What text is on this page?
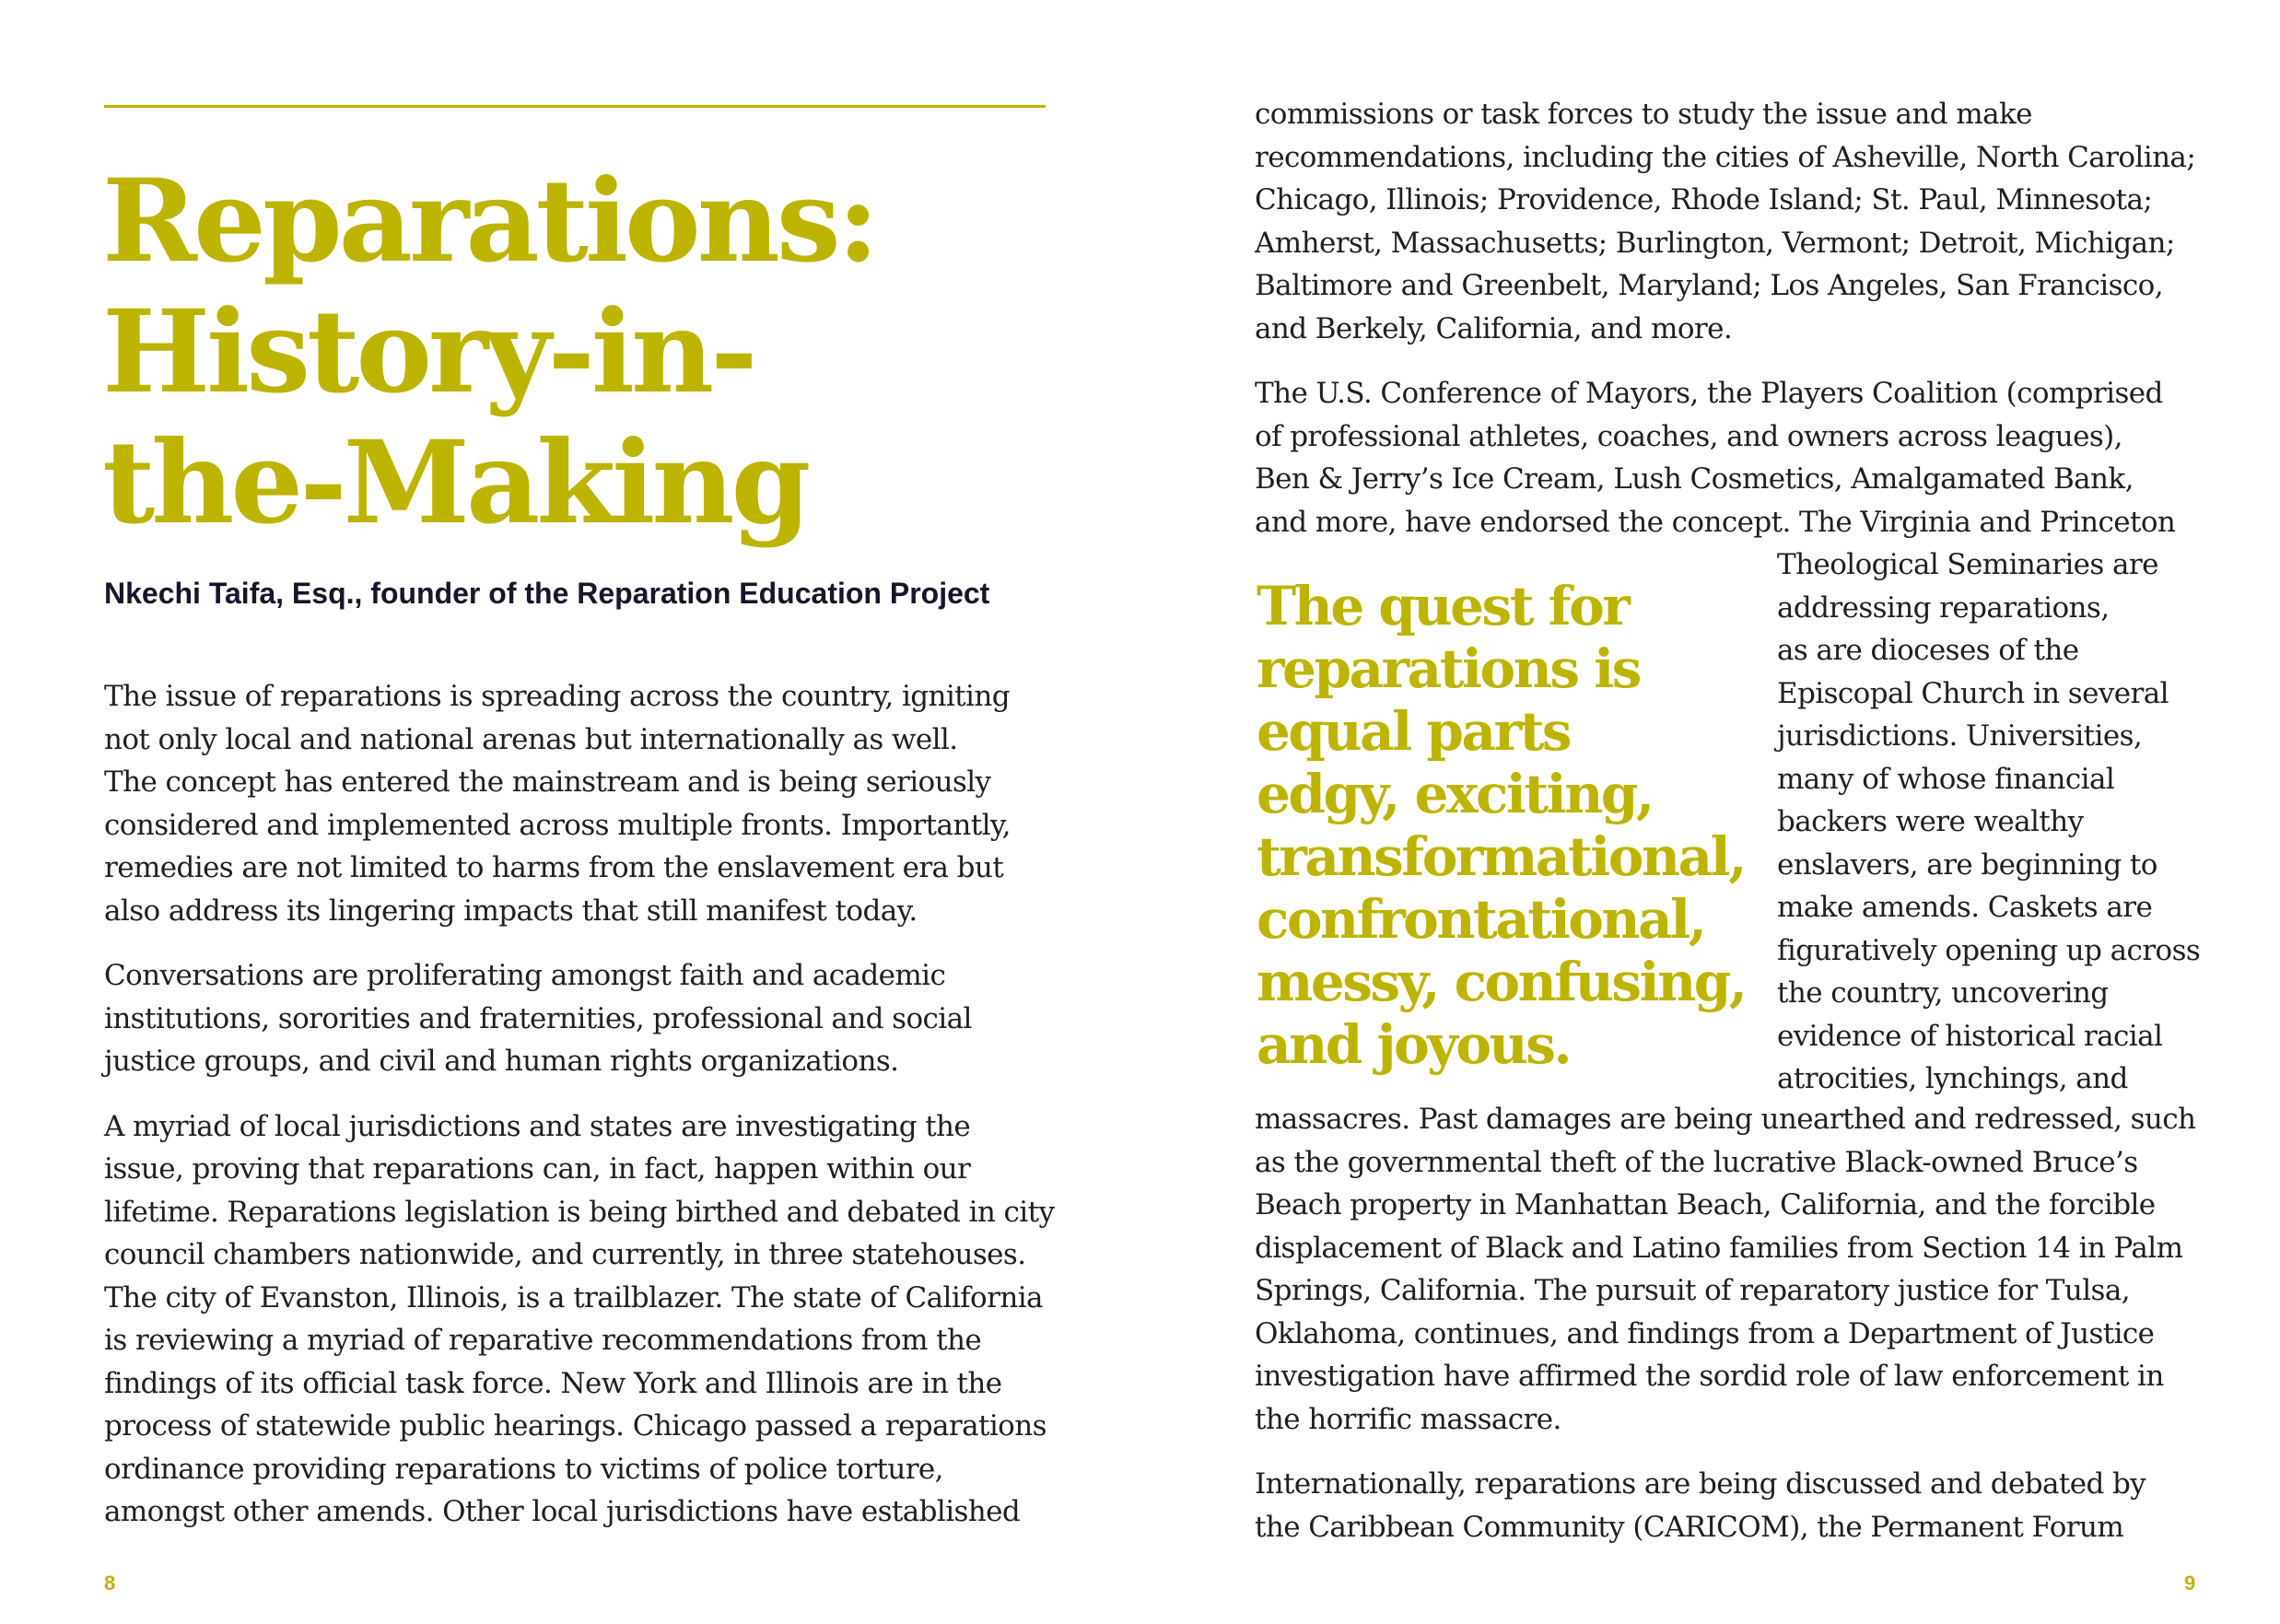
Reparations:
History-in-
the-Making

Nkechi Taifa, Esq., founder of the Reparation Education Project

The issue of reparations is spreading across the country, igniting
not only local and national arenas but internationally as well.
The concept has entered the mainstream and is being seriously
considered and implemented across multiple fronts. Importantly,
remedies are not limited to harms from the enslavement era but
also address its lingering impacts that still manifest today.

Conversations are proliferating amongst faith and academic
institutions, sororities and fraternities, professional and social
justice groups, and civil and human rights organizations.

A myriad of local jurisdictions and states are investigating the
issue, proving that reparations can, in fact, happen within our
lifetime. Reparations legislation is being birthed and debated in city
council chambers nationwide, and currently, in three statehouses.
The city of Evanston, Illinois, is a trailblazer. The state of California
is reviewing a myriad of reparative recommendations from the
findings of its official task force. New York and Illinois are in the
process of statewide public hearings. Chicago passed a reparations
ordinance providing reparations to victims of police torture,
amongst other amends. Other local jurisdictions have established

8

commissions or task forces to study the issue and make
recommendations, including the cities of Asheville, North Carolina;
Chicago, Illinois; Providence, Rhode Island; St. Paul, Minnesota;
Amherst, Massachusetts; Burlington, Vermont; Detroit, Michigan;
Baltimore and Greenbelt, Maryland; Los Angeles, San Francisco,
and Berkely, California, and more.

The U.S. Conference of Mayors, the Players Coalition (comprised
of professional athletes, coaches, and owners across leagues),
Ben & Jerry’s Ice Cream, Lush Cosmetics, Amalgamated Bank,
and more, have endorsed the concept. The Virginia and Princeton

The quest for
reparations is
equal parts
edgy, exciting,
transformational,
confrontational,
messy, confusing,
and joyous.
Theological Seminaries are
addressing reparations,
as are dioceses of the
Episcopal Church in several
jurisdictions. Universities,
many of whose financial
backers were wealthy
enslavers, are beginning to
make amends. Caskets are
figuratively opening up across
the country, uncovering
evidence of historical racial
atrocities, lynchings, and

massacres. Past damages are being unearthed and redressed, such
as the governmental theft of the lucrative Black-owned Bruce’s
Beach property in Manhattan Beach, California, and the forcible
displacement of Black and Latino families from Section 14 in Palm
Springs, California. The pursuit of reparatory justice for Tulsa,
Oklahoma, continues, and findings from a Department of Justice
investigation have affirmed the sordid role of law enforcement in
the horrific massacre.

Internationally, reparations are being discussed and debated by
the Caribbean Community (CARICOM), the Permanent Forum

9
